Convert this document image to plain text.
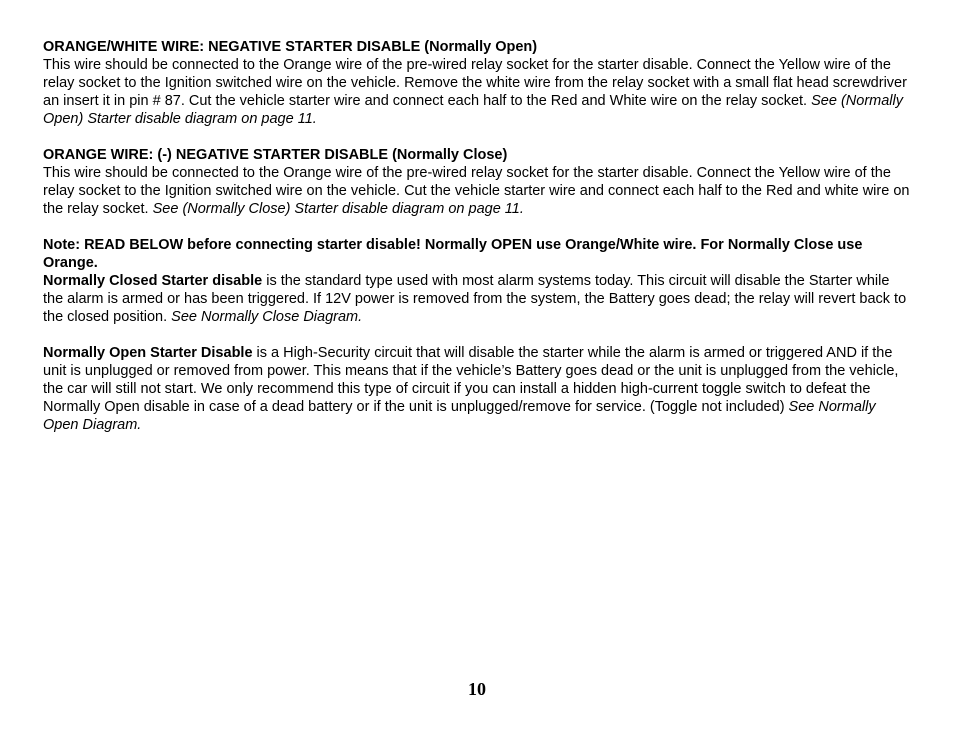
ORANGE/WHITE WIRE: NEGATIVE STARTER DISABLE (Normally Open)

This wire should be connected to the Orange wire of the pre-wired relay socket for the starter disable. Connect the Yellow wire of the relay socket to the Ignition switched wire on the vehicle. Remove the white wire from the relay socket with a small flat head screwdriver an insert it in pin # 87. Cut the vehicle starter wire and connect each half to the Red and White wire on the relay socket. See (Normally Open) Starter disable diagram on page 11.

ORANGE WIRE: (-) NEGATIVE STARTER DISABLE (Normally Close)

This wire should be connected to the Orange wire of the pre-wired relay socket for the starter disable. Connect the Yellow wire of the relay socket to the Ignition switched wire on the vehicle. Cut the vehicle starter wire and connect each half to the Red and white wire on the relay socket. See (Normally Close) Starter disable diagram on page 11.

Note: READ BELOW before connecting starter disable! Normally OPEN use Orange/White wire. For Normally Close use Orange.

Normally Closed Starter disable is the standard type used with most alarm systems today. This circuit will disable the Starter while the alarm is armed or has been triggered. If 12V power is removed from the system, the Battery goes dead; the relay will revert back to the closed position. See Normally Close Diagram.

Normally Open Starter Disable is a High-Security circuit that will disable the starter while the alarm is armed or triggered AND if the unit is unplugged or removed from power. This means that if the vehicle’s Battery goes dead or the unit is unplugged from the vehicle, the car will still not start. We only recommend this type of circuit if you can install a hidden high-current toggle switch to defeat the Normally Open disable in case of a dead battery or if the unit is unplugged/remove for service. (Toggle not included) See Normally Open Diagram.

10
